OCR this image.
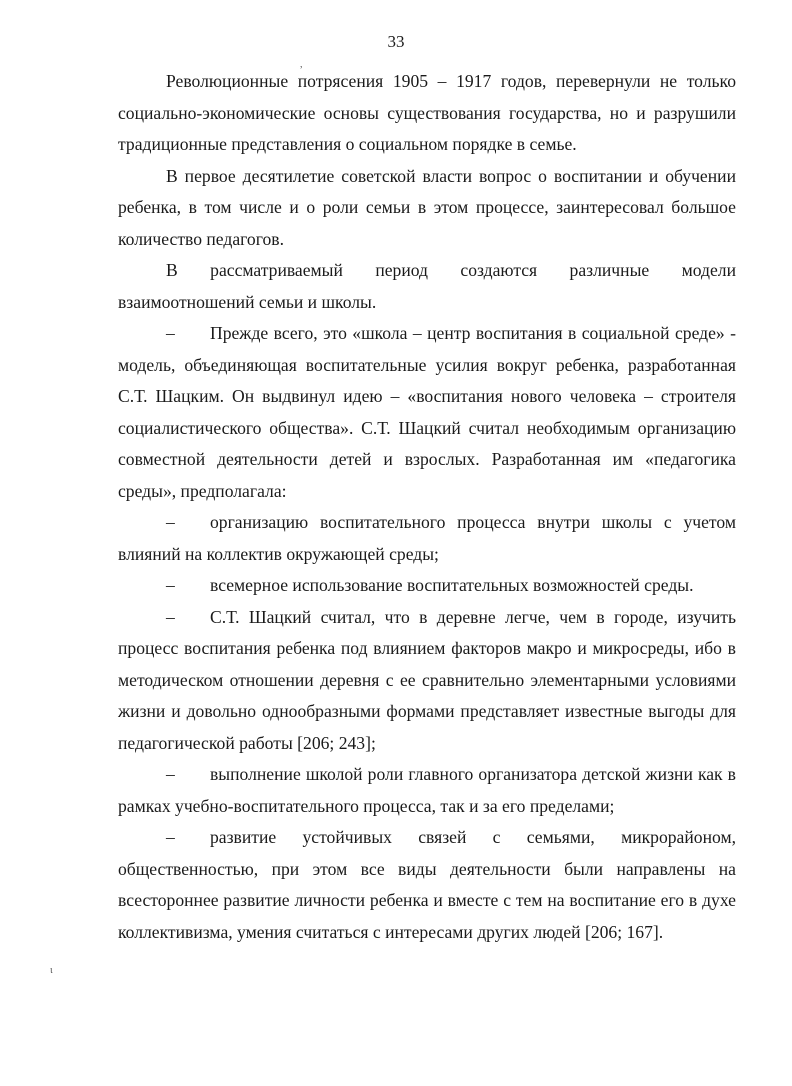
33
,
ι

Революционные потрясения 1905 – 1917 годов, перевернули не только социально-экономические основы существования государства, но и разрушили традиционные представления о социальном порядке в семье.

В первое десятилетие советской власти вопрос о воспитании и обучении ребенка, в том числе и о роли семьи в этом процессе, заинтересовал большое количество педагогов.

В рассматриваемый период создаются различные модели взаимоотношений семьи и школы.

– Прежде всего, это «школа – центр воспитания в социальной среде» - модель, объединяющая воспитательные усилия вокруг ребенка, разработанная С.Т. Шацким. Он выдвинул идею – «воспитания нового человека – строителя социалистического общества». С.Т. Шацкий считал необходимым организацию совместной деятельности детей и взрослых. Разработанная им «педагогика среды», предполагала:

– организацию воспитательного процесса внутри школы с учетом влияний на коллектив окружающей среды;

– всемерное использование воспитательных возможностей среды.

– С.Т. Шацкий считал, что в деревне легче, чем в городе, изучить процесс воспитания ребенка под влиянием факторов макро и микросреды, ибо в методическом отношении деревня с ее сравнительно элементарными условиями жизни и довольно однообразными формами представляет известные выгоды для педагогической работы [206; 243];

– выполнение школой роли главного организатора детской жизни как в рамках учебно-воспитательного процесса, так и за его пределами;

– развитие устойчивых связей с семьями, микрорайоном, общественностью, при этом все виды деятельности были направлены на всестороннее развитие личности ребенка и вместе с тем на воспитание его в духе коллективизма, умения считаться с интересами других людей [206; 167].
